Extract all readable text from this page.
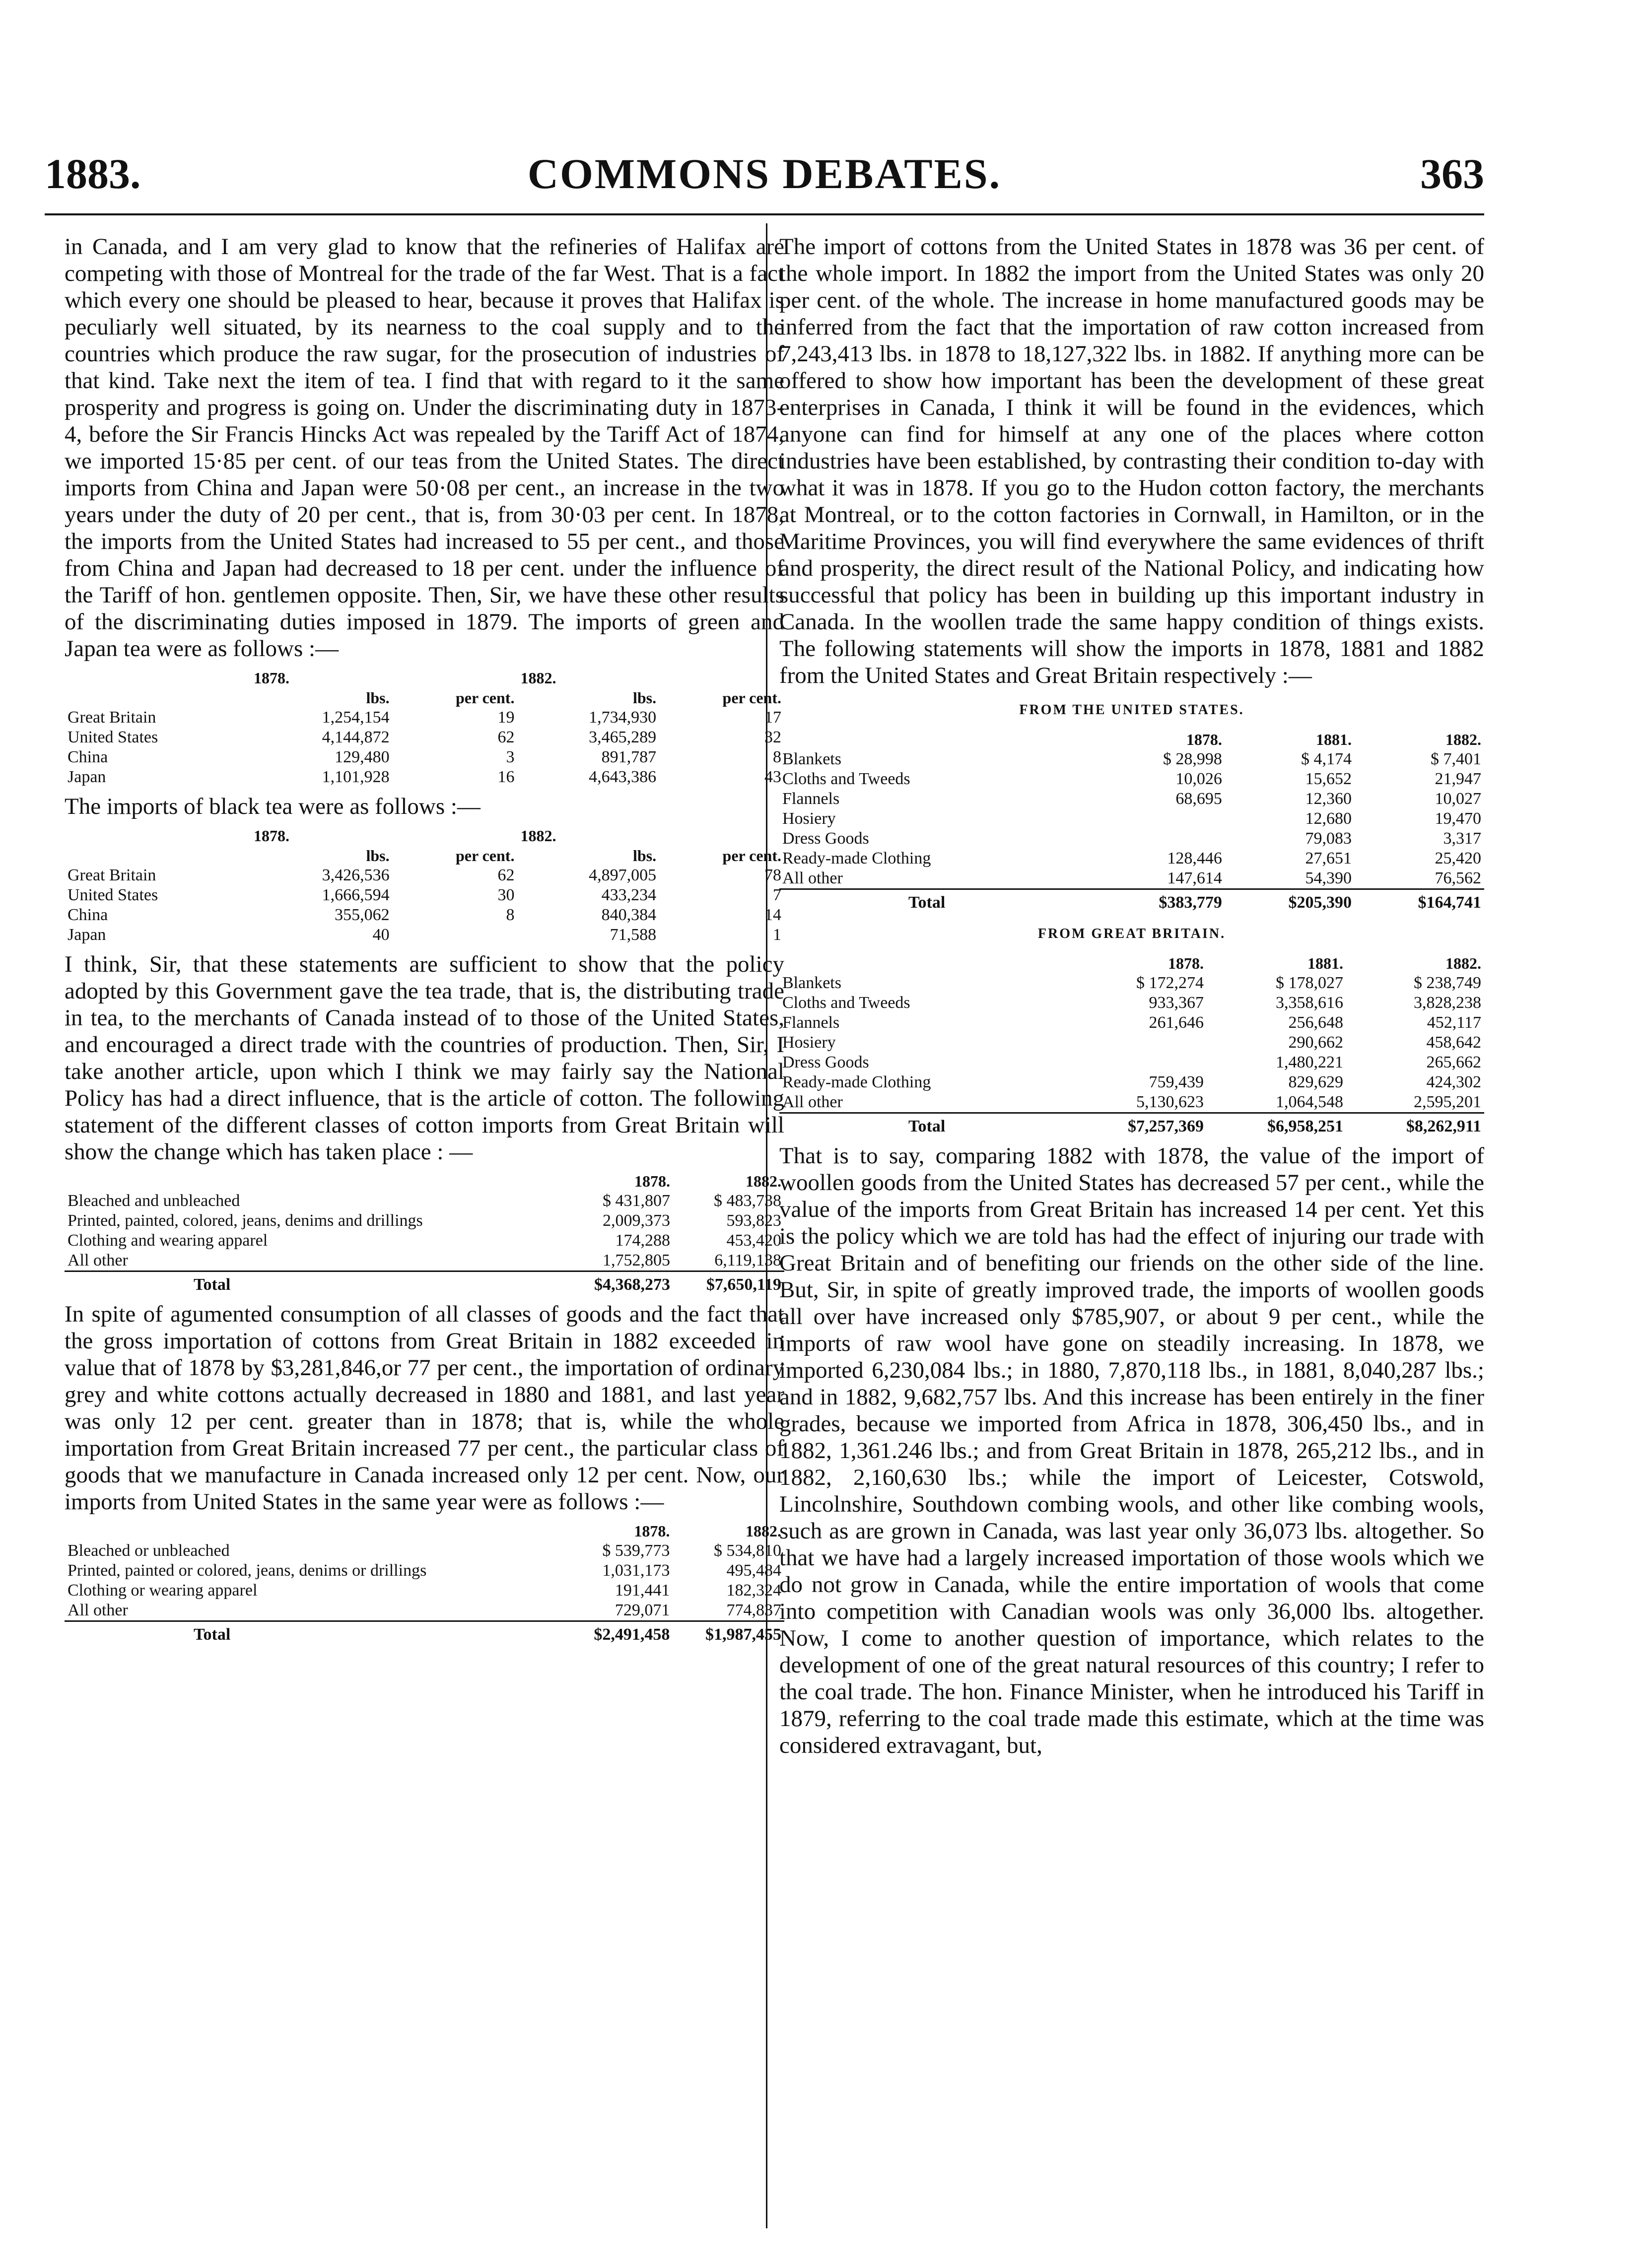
1883.	COMMONS DEBATES.	363

in Canada, and I am very glad to know that the refineries of Halifax are competing with those of Montreal for the trade of the far West. That is a fact which every one should be pleased to hear, because it proves that Halifax is peculiarly well situated, by its nearness to the coal supply and to the countries which produce the raw sugar, for the prosecution of industries of that kind. Take next the item of tea. I find that with regard to it the same prosperity and progress is going on. Under the discriminating duty in 1873-4, before the Sir Francis Hincks Act was repealed by the Tariff Act of 1874, we imported 15·85 per cent. of our teas from the United States. The direct imports from China and Japan were 50·08 per cent., an increase in the two years under the duty of 20 per cent., that is, from 30·03 per cent. In 1878, the imports from the United States had increased to 55 per cent., and those from China and Japan had decreased to 18 per cent. under the influence of the Tariff of hon. gentlemen opposite. Then, Sir, we have these other results of the discriminating duties imposed in 1879. The imports of green and Japan tea were as follows :—

	1878.		1882.	
	lbs.	per cent.	lbs.	per cent.
Great Britain	1,254,154	19	1,734,930	17
United States	4,144,872	62	3,465,289	32
China	129,480	3	891,787	8
Japan	1,101,928	16	4,643,386	43

The imports of black tea were as follows :—

	1878.		1882.	
	lbs.	per cent.	lbs.	per cent.
Great Britain	3,426,536	62	4,897,005	78
United States	1,666,594	30	433,234	7
China	355,062	8	840,384	14
Japan	40		71,588	1

I think, Sir, that these statements are sufficient to show that the policy adopted by this Government gave the tea trade, that is, the distributing trade in tea, to the merchants of Canada instead of to those of the United States, and encouraged a direct trade with the countries of production. Then, Sir, I take another article, upon which I think we may fairly say the National Policy has had a direct influence, that is the article of cotton. The following statement of the different classes of cotton imports from Great Britain will show the change which has taken place : —

	1878.	1882.
Bleached and unbleached	$ 431,807	$ 483,738
Printed, painted, colored, jeans, denims and drillings	2,009,373	593,823
Clothing and wearing apparel	174,288	453,420
All other	1,752,805	6,119,138
Total	$4,368,273	$7,650,119

In spite of agumented consumption of all classes of goods and the fact that the gross importation of cottons from Great Britain in 1882 exceeded in value that of 1878 by $3,281,846,or 77 per cent., the importation of ordinary grey and white cottons actually decreased in 1880 and 1881, and last year was only 12 per cent. greater than in 1878; that is, while the whole importation from Great Britain increased 77 per cent., the particular class of goods that we manufacture in Canada increased only 12 per cent. Now, our imports from United States in the same year were as follows :—

	1878.	1882.
Bleached or unbleached	$ 539,773	$ 534,810
Printed, painted or colored, jeans, denims or drillings	1,031,173	495,484
Clothing or wearing apparel	191,441	182,324
All other	729,071	774,837
Total	$2,491,458	$1,987,455

The import of cottons from the United States in 1878 was 36 per cent. of the whole import. In 1882 the import from the United States was only 20 per cent. of the whole. The increase in home manufactured goods may be inferred from the fact that the importation of raw cotton increased from 7,243,413 lbs. in 1878 to 18,127,322 lbs. in 1882. If anything more can be offered to show how important has been the development of these great enterprises in Canada, I think it will be found in the evidences, which anyone can find for himself at any one of the places where cotton industries have been established, by contrasting their condition to-day with what it was in 1878. If you go to the Hudon cotton factory, the merchants at Montreal, or to the cotton factories in Cornwall, in Hamilton, or in the Maritime Provinces, you will find everywhere the same evidences of thrift and prosperity, the direct result of the National Policy, and indicating how successful that policy has been in building up this important industry in Canada. In the woollen trade the same happy condition of things exists. The following statements will show the imports in 1878, 1881 and 1882 from the United States and Great Britain respectively :—

FROM THE UNITED STATES.
	1878.	1881.	1882.
Blankets	$ 28,998	$ 4,174	$ 7,401
Cloths and Tweeds	10,026	15,652	21,947
Flannels	68,695	12,360	10,027
Hosiery		12,680	19,470
Dress Goods		79,083	3,317
Ready-made Clothing	128,446	27,651	25,420
All other	147,614	54,390	76,562
Total	$383,779	$205,390	$164,741
FROM GREAT BRITAIN.
	1878.	1881.	1882.
Blankets	$ 172,274	$ 178,027	$ 238,749
Cloths and Tweeds	933,367	3,358,616	3,828,238
Flannels	261,646	256,648	452,117
Hosiery		290,662	458,642
Dress Goods		1,480,221	265,662
Ready-made Clothing	759,439	829,629	424,302
All other	5,130,623	1,064,548	2,595,201
Total	$7,257,369	$6,958,251	$8,262,911

That is to say, comparing 1882 with 1878, the value of the import of woollen goods from the United States has decreased 57 per cent., while the value of the imports from Great Britain has increased 14 per cent. Yet this is the policy which we are told has had the effect of injuring our trade with Great Britain and of benefiting our friends on the other side of the line. But, Sir, in spite of greatly improved trade, the imports of woollen goods all over have increased only $785,907, or about 9 per cent., while the imports of raw wool have gone on steadily increasing. In 1878, we imported 6,230,084 lbs.; in 1880, 7,870,118 lbs., in 1881, 8,040,287 lbs.; and in 1882, 9,682,757 lbs. And this increase has been entirely in the finer grades, because we imported from Africa in 1878, 306,450 lbs., and in 1882, 1,361.246 lbs.; and from Great Britain in 1878, 265,212 lbs., and in 1882, 2,160,630 lbs.; while the import of Leicester, Cotswold, Lincolnshire, Southdown combing wools, and other like combing wools, such as are grown in Canada, was last year only 36,073 lbs. altogether. So that we have had a largely increased importation of those wools which we do not grow in Canada, while the entire importation of wools that come into competition with Canadian wools was only 36,000 lbs. altogether. Now, I come to another question of importance, which relates to the development of one of the great natural resources of this country; I refer to the coal trade. The hon. Finance Minister, when he introduced his Tariff in 1879, referring to the coal trade made this estimate, which at the time was considered extravagant, but,
